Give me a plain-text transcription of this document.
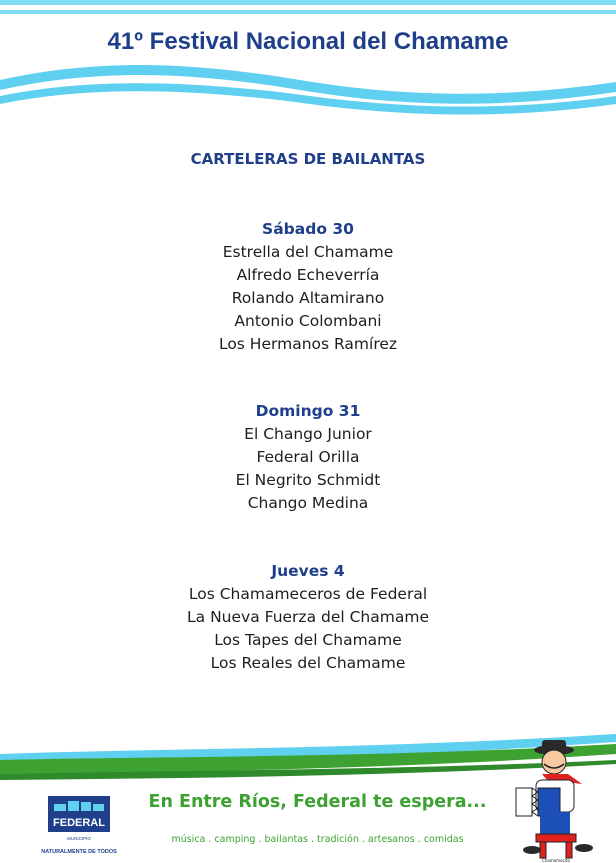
41º Festival Nacional del Chamame
CARTELERAS DE BAILANTAS

Sábado 30

Estrella del Chamame

Alfredo Echeverría

Rolando Altamirano

Antonio Colombani

Los Hermanos Ramírez

Domingo 31

El Chango Junior

Federal Orilla

El Negrito Schmidt

Chango Medina

Jueves 4

Los Chamameceros de Federal

La Nueva Fuerza del Chamame

Los Tapes del Chamame

Los Reales del Chamame

FEDERAL
MUNICIPIO
NATURALMENTE DE TODOS
En Entre Ríos, Federal te espera...
música . camping . bailantas . tradición . artesanos . comidas
Chamamecito
